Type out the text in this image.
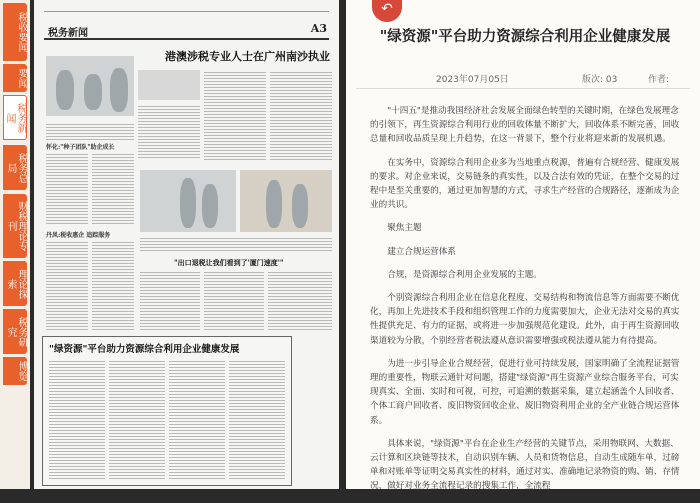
税收要闻
要闻
税务新闻
税务总局
财税理论专刊
理论探索
税务研究
博览
税务新闻	A3
港澳涉税专业人士在广州南沙执业
怀化:"种子团队"助企成长
丹凤:税收惠企 追踪服务
"出口退税让我们看到了'厦门速度'"
"绿资源"平台助力资源综合利用企业健康发展
↶
"绿资源"平台助力资源综合利用企业健康发展
2023年07月05日	版次: 03	作者:

"十四五"是推动我国经济社会发展全面绿色转型的关键时期，在绿色发展理念的引领下，再生资源综合利用行业的回收体量不断扩大，回收体系不断完善，回收总量和回收品质呈现上升趋势，在这一背景下，整个行业将迎来新的发展机遇。

在实务中，资源综合利用企业多为当地重点税源，普遍有合规经营、健康发展的要求。对企业来说，交易链条的真实性，以及合法有效的凭证，在整个交易的过程中是至关重要的，通过更加智慧的方式，寻求生产经营的合规路径，逐渐成为企业的共识。

聚焦主题

建立合规运营体系

合规，是资源综合利用企业发展的主题。

个别资源综合利用企业在信息化程度、交易结构和物流信息等方面需要不断优化，再加上先进技术手段和组织管理工作的力度需要加大，企业无法对交易的真实性提供充足、有力的证据，或将进一步加强规范化建设。此外，由于再生资源回收渠道较为分散，个别经营者税法遵从意识需要增强或税法遵从能力有待提高。

为进一步引导企业合规经营，促进行业可持续发展，国家明确了全流程证据管理的重要性，物联云通针对问题，搭建"绿资源"再生资源产业综合服务平台，可实现真实、全面、实时和可视，可控，可追溯的数据采集，建立起涵盖个人回收者、个体工商户回收者、废旧物资回收企业、废旧物资利用企业的全产业链合规运营体系。

具体来说，"绿资源"平台在企业生产经营的关键节点，采用物联网、大数据、云计算和区块链等技术，自动识别车辆、人员和货物信息，自动生成随车单，过磅单和对账单等证明交易真实性的材料，通过对实、准确地记录物资的购、销、存情况，做好对业务全流程记录的搜集工作，全流程
